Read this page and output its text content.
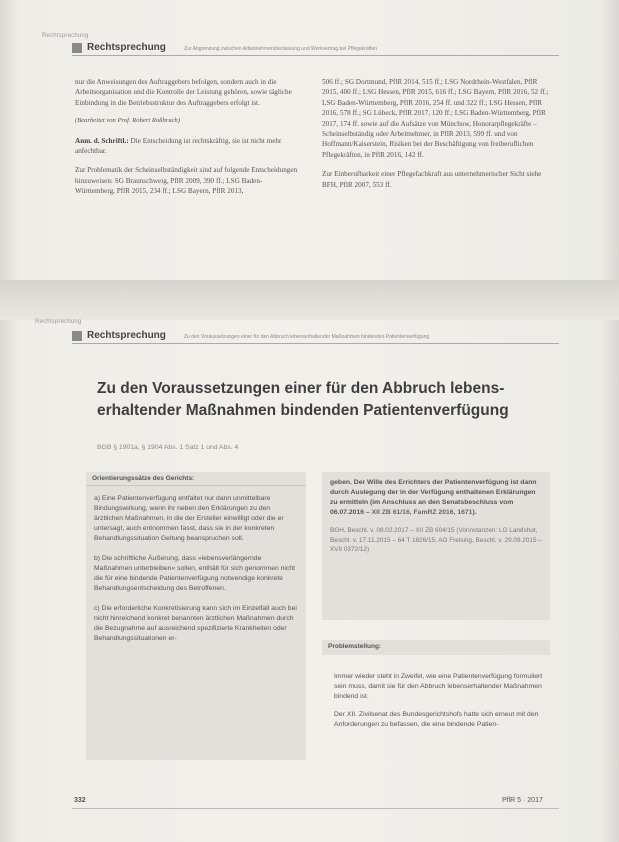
Rechtsprechung
Rechtsprechung	Zur Abgrenzung zwischen Arbeitnehmerüberlassung und Werkvertrag bei Pflegekräften

nur die Anweisungen des Auftraggebers befolgen, sondern auch in die Arbeitsorganisation und die Kontrolle der Leistung gehören, sowie tägliche Einbindung in die Betriebsstruktur des Auftraggebers erfolgt ist.

(Bearbeitet von Prof. Robert Roßbruch)

Anm. d. Schriftl.: Die Entscheidung ist rechtskräftig, sie ist nicht mehr anfechtbar.

Zur Problematik der Scheinselbständigkeit sind auf folgende Entscheidungen hinzuweisen: SG Braunschweig, PflR 2009, 390 ff.; LSG Baden-Württemberg, PflR 2015, 234 ff.; LSG Bayern, PflR 2013,

506 ff.; SG Dortmund, PflR 2014, 515 ff.; LSG Nordrhein-Westfalen, PflR 2015, 400 ff.; LSG Hessen, PflR 2015, 616 ff.; LSG Bayern, PflR 2016, 52 ff.; LSG Baden-Württemberg, PflR 2016, 254 ff. und 322 ff.; LSG Hessen, PflR 2016, 578 ff.; SG Lübeck, PflR 2017, 120 ff.; LSG Baden-Württemberg, PflR 2017, 174 ff. sowie auf die Aufsätze von Münchow, Honorarpflegekräfte – Scheinselbständig oder Arbeitnehmer, in PflR 2013, 599 ff. und von Hoffmann/Kaiserstein, Risiken bei der Beschäftigung von freiberuflichen Pflegekräften, in PflR 2016, 142 ff.

Zur Einberufbarkeit einer Pflegefachkraft aus unternehmerischer Sicht siehe BFH, PflR 2007, 553 ff.

Rechtsprechung
Rechtsprechung	Zu den Voraussetzungen einer für den Abbruch lebenserhaltender Maßnahmen bindenden Patientenverfügung
Zu den Voraussetzungen einer für den Abbruch lebens-
erhaltender Maßnahmen bindenden Patientenverfügung
BGB § 1901a, § 1904 Abs. 1 Satz 1 und Abs. 4
Orientierungssätze des Gerichts:
a) Eine Patientenverfügung entfaltet nur dann unmittelbare Bindungswirkung, wenn ihr neben den Erklärungen zu den ärztlichen Maßnahmen, in die der Ersteller einwilligt oder die er untersagt, auch entnommen fasst, dass sie in der konkreten Behandlungssituation Geltung beanspruchen soll.
b) Die schriftliche Äußerung, dass »lebensverlängernde Maßnahmen unterbleiben« sollen, enthält für sich genommen nicht die für eine bindende Patientenverfügung notwendige konkrete Behandlungsentscheidung des Betroffenen.
c) Die erforderliche Konkretisierung kann sich im Einzelfall auch bei nicht hinreichend konkret benannten ärztlichen Maßnahmen durch die Bezugnahme auf ausreichend spezifizierte Krankheiten oder Behandlungssituationen er-
geben. Der Wille des Errichters der Patientenverfügung ist dann durch Auslegung der in der Verfügung enthaltenen Erklärungen zu ermitteln (im Anschluss an den Senatsbeschluss vom 06.07.2016 – XII ZB 61/16, FamRZ 2016, 1671).
BGH, Beschl. v. 08.02.2017 – XII ZB 604/15 (Vorinstanzen: LG Landshut, Beschl. v. 17.11.2015 – 64 T 1826/15; AG Freising, Beschl. v. 29.09.2015 – XVII 0372/12)
Problemstellung:
Immer wieder steht in Zweifel, wie eine Patientenverfügung formuliert sein muss, damit sie für den Abbruch lebenserhaltender Maßnahmen bindend ist.
Der XII. Zivilsenat des Bundesgerichtshofs hatte sich erneut mit den Anforderungen zu befassen, die eine bindende Patien-
332	PflR 5 · 2017
